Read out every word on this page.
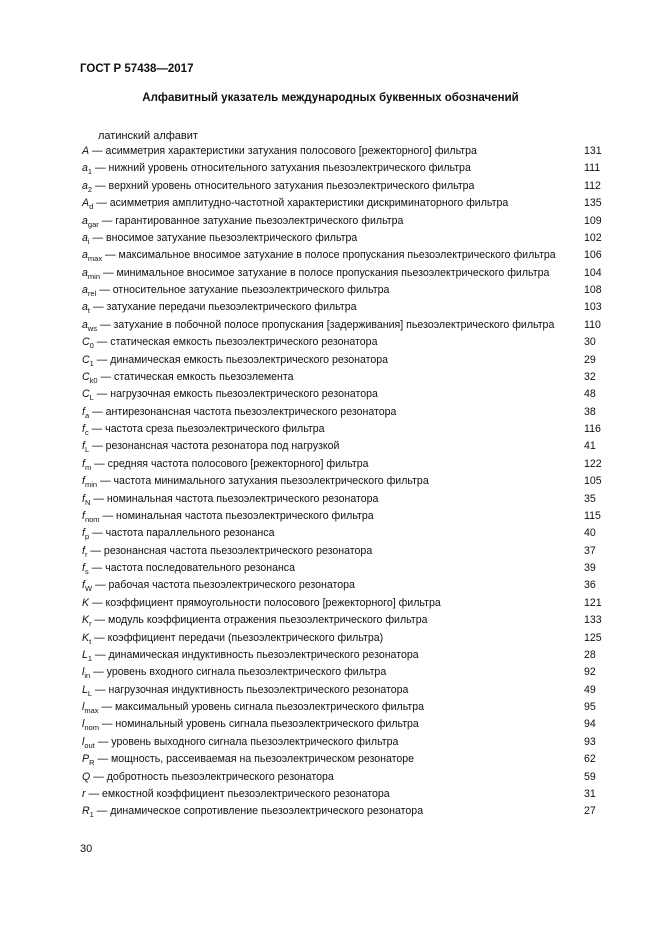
ГОСТ Р 57438—2017
Алфавитный указатель международных буквенных обозначений
латинский алфавит
A — асимметрия характеристики затухания полосового [режекторного] фильтра	131
$a_1$ — нижний уровень относительного затухания пьезоэлектрического фильтра	111
$a_2$ — верхний уровень относительного затухания пьезоэлектрического фильтра	112
$A_d$ — асимметрия амплитудно-частотной характеристики дискриминаторного фильтра	135
$a_{gar}$ — гарантированное затухание пьезоэлектрического фильтра	109
$a_i$ — вносимое затухание пьезоэлектрического фильтра	102
$a_{max}$ — максимальное вносимое затухание в полосе пропускания пьезоэлектрического фильтра	106
$a_{min}$ — минимальное вносимое затухание в полосе пропускания пьезоэлектрического фильтра	104
$a_{rel}$ — относительное затухание пьезоэлектрического фильтра	108
$a_t$ — затухание передачи пьезоэлектрического фильтра	103
$a_{ws}$ — затухание в побочной полосе пропускания [задерживания] пьезоэлектрического фильтра	110
$C_0$ — статическая емкость пьезоэлектрического резонатора	30
$C_1$ — динамическая емкость пьезоэлектрического резонатора	29
$C_{k0}$ — статическая емкость пьезоэлемента	32
$C_L$ — нагрузочная емкость пьезоэлектрического резонатора	48
$f_a$ — антирезонансная частота пьезоэлектрического резонатора	38
$f_c$ — частота среза пьезоэлектрического фильтра	116
$f_L$ — резонансная частота резонатора под нагрузкой	41
$f_m$ — средняя частота полосового [режекторного] фильтра	122
$f_{min}$ — частота минимального затухания пьезоэлектрического фильтра	105
$f_N$ — номинальная частота пьезоэлектрического резонатора	35
$f_{nom}$ — номинальная частота пьезоэлектрического фильтра	115
$f_p$ — частота параллельного резонанса	40
$f_r$ — резонансная частота пьезоэлектрического резонатора	37
$f_s$ — частота последовательного резонанса	39
$f_W$ — рабочая частота пьезоэлектрического резонатора	36
K — коэффициент прямоугольности полосового [режекторного] фильтра	121
$K_r$ — модуль коэффициента отражения пьезоэлектрического фильтра	133
$K_t$ — коэффициент передачи (пьезоэлектрического фильтра)	125
$L_1$ — динамическая индуктивность пьезоэлектрического резонатора	28
$l_{in}$ — уровень входного сигнала пьезоэлектрического фильтра	92
$L_L$ — нагрузочная индуктивность пьезоэлектрического резонатора	49
$l_{max}$ — максимальный уровень сигнала пьезоэлектрического фильтра	95
$l_{nom}$ — номинальный уровень сигнала пьезоэлектрического фильтра	94
$l_{out}$ — уровень выходного сигнала пьезоэлектрического фильтра	93
$P_R$ — мощность, рассеиваемая на пьезоэлектрическом резонаторе	62
Q — добротность пьезоэлектрического резонатора	59
r — емкостной коэффициент пьезоэлектрического резонатора	31
$R_1$ — динамическое сопротивление пьезоэлектрического резонатора	27
30
